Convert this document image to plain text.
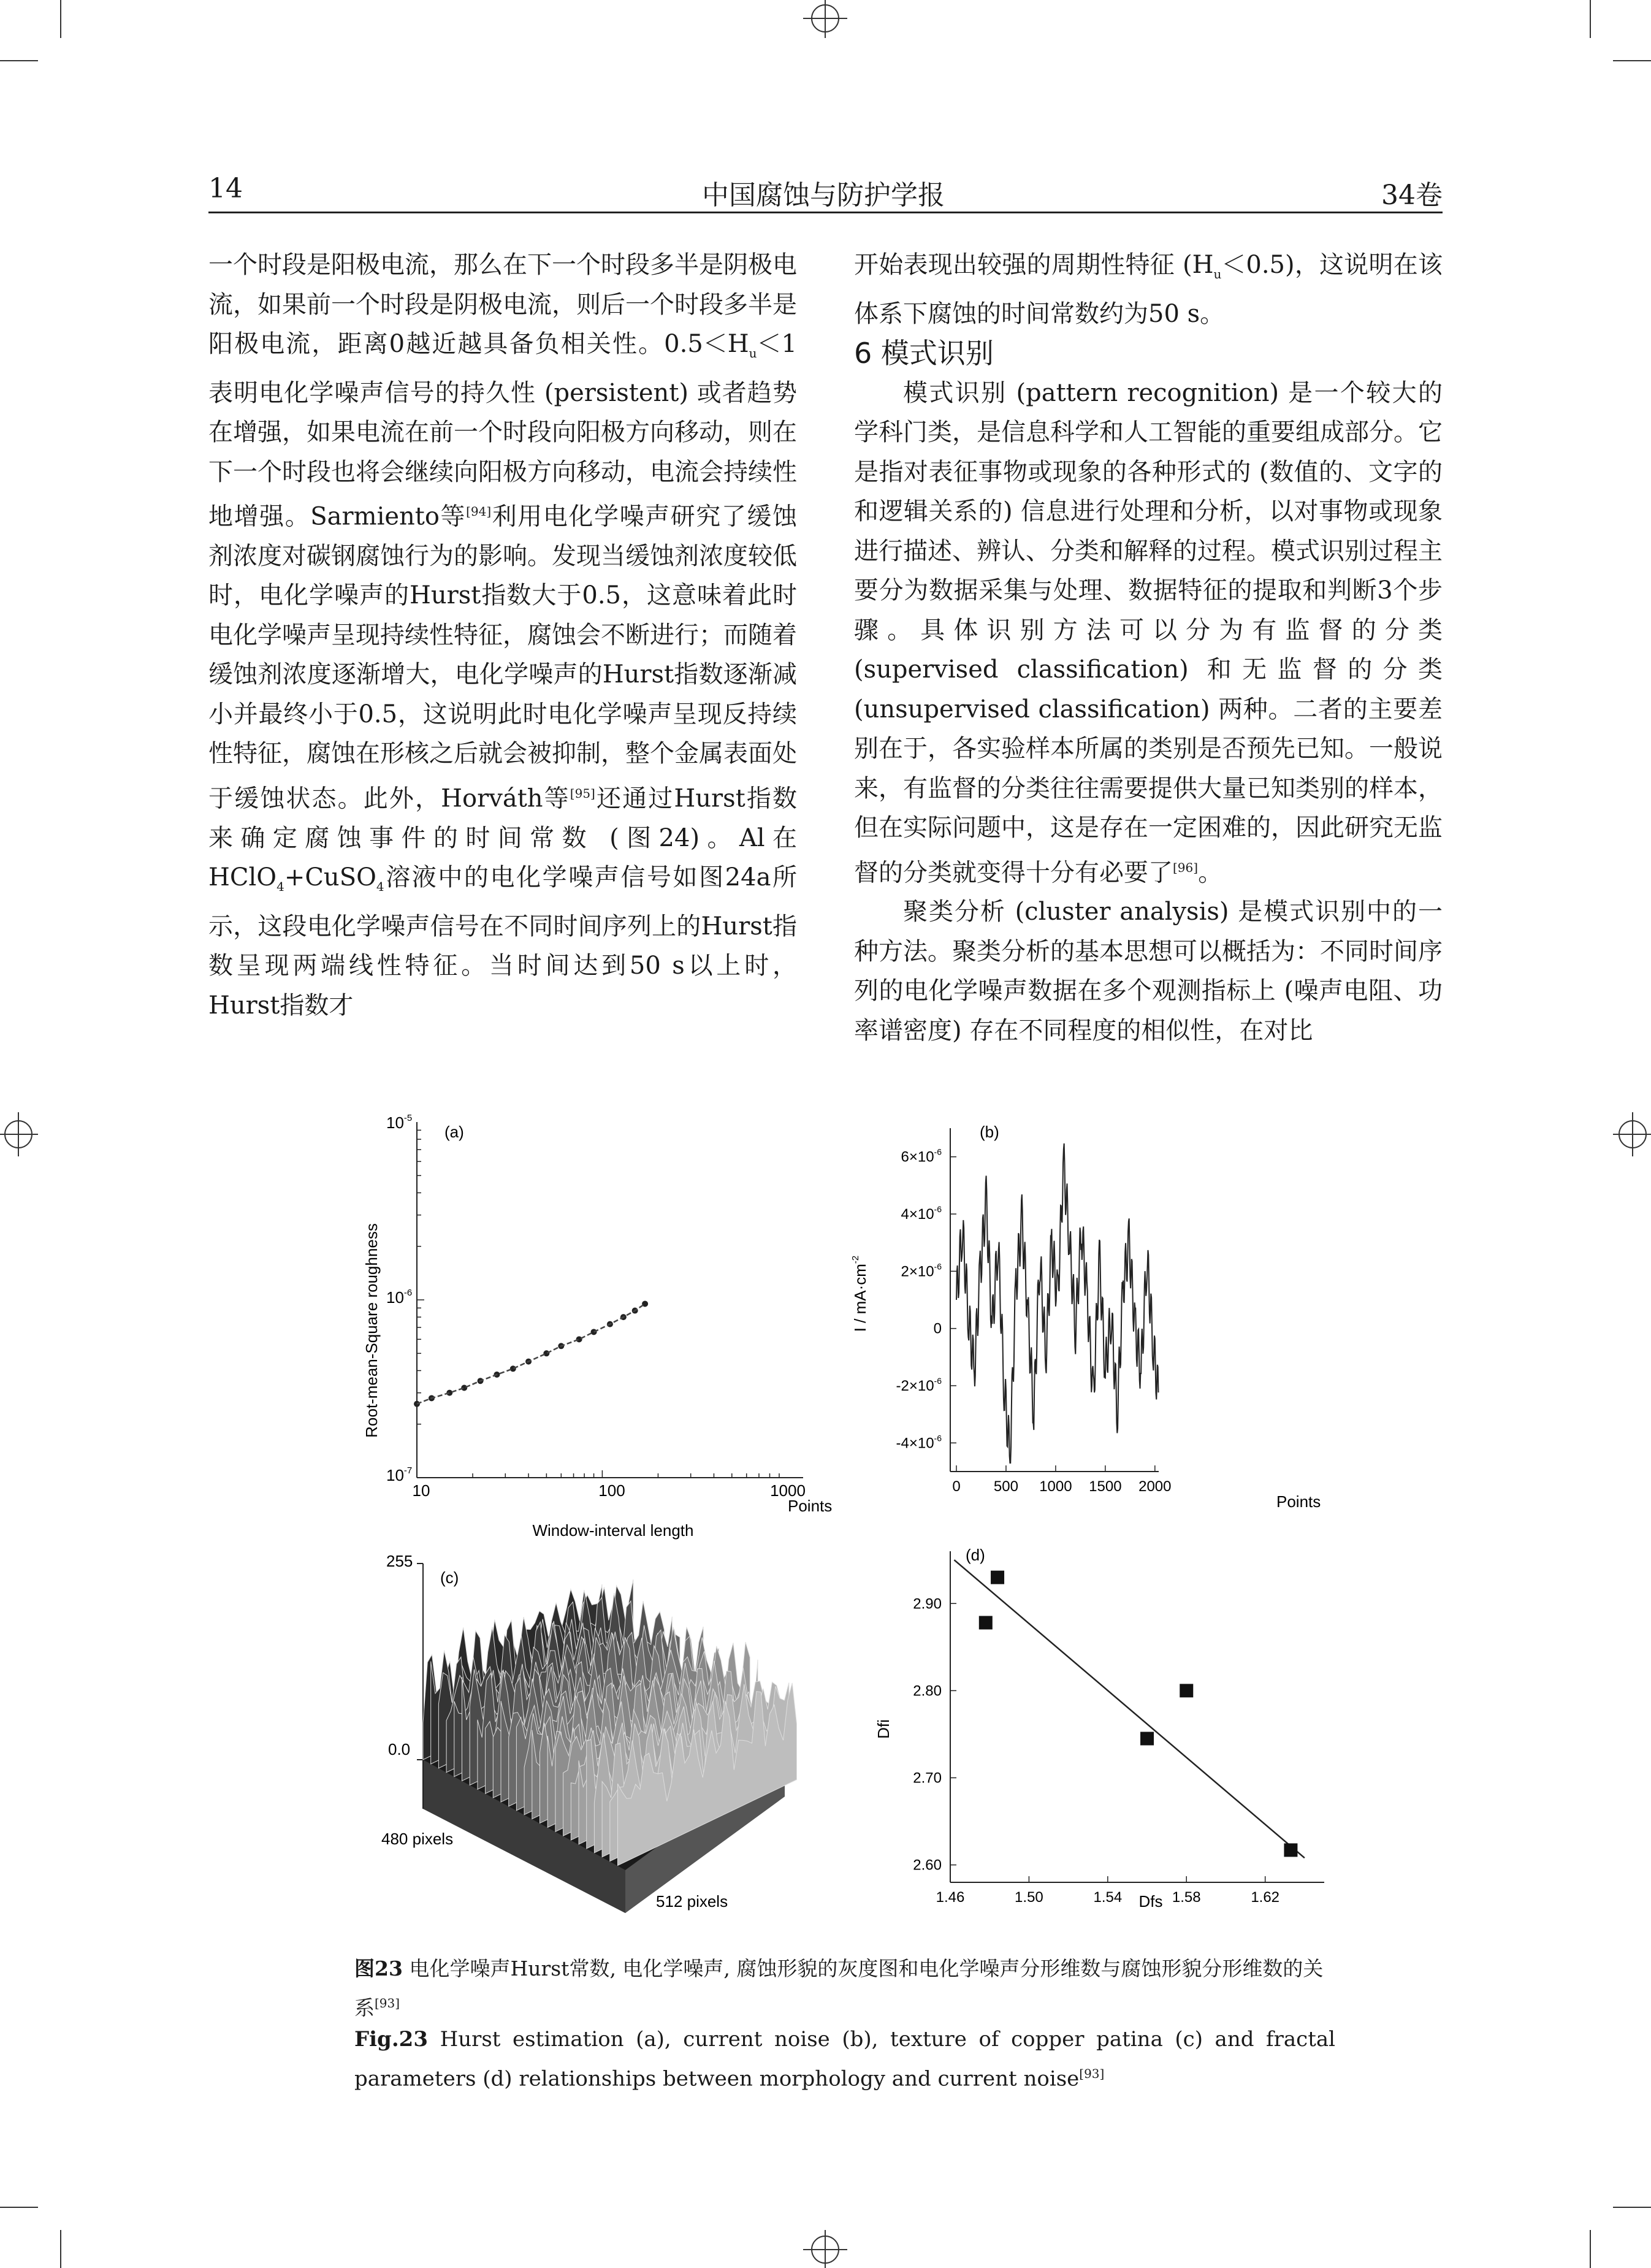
14	中国腐蚀与防护学报	34卷

一个时段是阳极电流，那么在下一个时段多半是阴极电流，如果前一个时段是阴极电流，则后一个时段多半是阳极电流，距离0越近越具备负相关性。$0.5<H_u<1$表明电化学噪声信号的持久性 (persistent) 或者趋势在增强，如果电流在前一个时段向阳极方向移动，则在下一个时段也将会继续向阳极方向移动，电流会持续性地增强。Sarmiento等[94]利用电化学噪声研究了缓蚀剂浓度对碳钢腐蚀行为的影响。发现当缓蚀剂浓度较低时，电化学噪声的Hurst指数大于0.5，这意味着此时电化学噪声呈现持续性特征，腐蚀会不断进行；而随着缓蚀剂浓度逐渐增大，电化学噪声的Hurst指数逐渐减小并最终小于0.5，这说明此时电化学噪声呈现反持续性特征，腐蚀在形核之后就会被抑制，整个金属表面处于缓蚀状态。此外，Horváth等[95]还通过Hurst指数来确定腐蚀事件的时间常数 (图24)。Al在HClO$_4$+CuSO$_4$溶液中的电化学噪声信号如图24a所示，这段电化学噪声信号在不同时间序列上的Hurst指数呈现两端线性特征。当时间达到50 s以上时，Hurst指数才

开始表现出较强的周期性特征 $(H_u<0.5)$，这说明在该体系下腐蚀的时间常数约为50 s。

6 模式识别

模式识别 (pattern recognition) 是一个较大的学科门类，是信息科学和人工智能的重要组成部分。它是指对表征事物或现象的各种形式的 (数值的、文字的和逻辑关系的) 信息进行处理和分析，以对事物或现象进行描述、辨认、分类和解释的过程。模式识别过程主要分为数据采集与处理、数据特征的提取和判断3个步骤。具体识别方法可以分为有监督的分类 (supervised classification) 和无监督的分类 (unsupervised classification) 两种。二者的主要差别在于，各实验样本所属的类别是否预先已知。一般说来，有监督的分类往往需要提供大量已知类别的样本，但在实际问题中，这是存在一定困难的，因此研究无监督的分类就变得十分有必要了[96]。

聚类分析 (cluster analysis) 是模式识别中的一种方法。聚类分析的基本思想可以概括为：不同时间序列的电化学噪声数据在多个观测指标上 (噪声电阻、功率谱密度) 存在不同程度的相似性，在对比

(a)
Root-mean-Square roughness
Window-interval length
Points
$10^{-5}$
$10^{-6}$
$10^{-7}$
10	100	1000
(b)
$I / mA\cdot cm^{-2}$
Points
$6\times 10^{-6}$
$4\times 10^{-6}$
$2\times 10^{-6}$
0
$-2\times 10^{-6}$
$-4\times 10^{-6}$
0 500 1000 1500 2000
(c)
255
0.0
480 pixels
512 pixels
(d)
Dfi
Dfs
2.90
2.80
2.70
2.60
1.46	1.50	1.54	1.58	1.62
图23 电化学噪声Hurst常数, 电化学噪声, 腐蚀形貌的灰度图和电化学噪声分形维数与腐蚀形貌分形维数的关系[93]
Fig.23 Hurst estimation (a), current noise (b), texture of copper patina (c) and fractal parameters (d) relationships between morphology and current noise[93]
